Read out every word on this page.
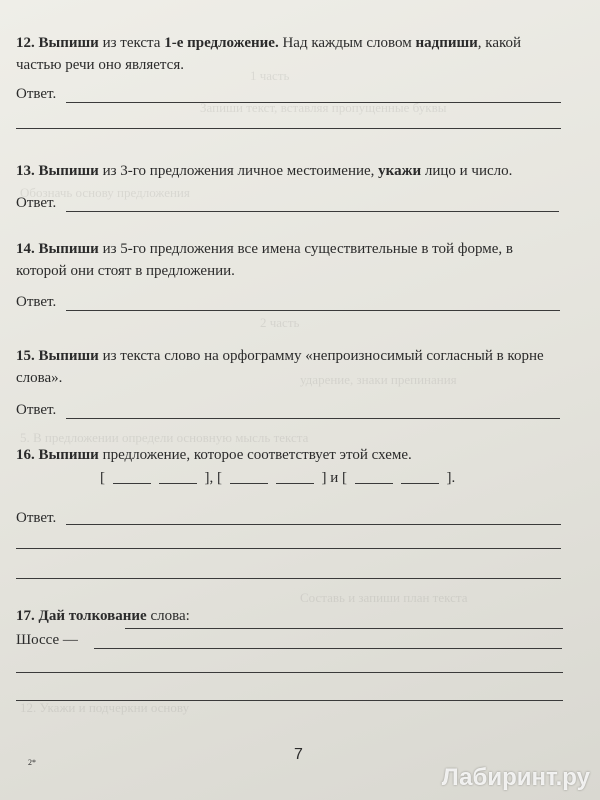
1 часть
Запиши текст, вставляя пропущенные буквы
Обозначь основу предложения
2 часть
ударение, знаки препинания
5. В предложении определи основную мысль текста
Составь и запиши план текста
12. Укажи и подчеркни основу
12. Выпиши из текста 1-е предложение. Над каждым словом надпиши, какой частью речи оно является.
Ответ.
13. Выпиши из 3-го предложения личное местоимение, укажи лицо и число.
Ответ.
14. Выпиши из 5-го предложения все имена существительные в той форме, в которой они стоят в предложении.
Ответ.
15. Выпиши из текста слово на орфограмму «непроизносимый согласный в корне слова».
Ответ.
16. Выпиши предложение, которое соответствует этой схеме.
[	], [	] и [	].
Ответ.
17. Дай толкование слова:
Шоссе —
7
2*
Лабиринт.ру
